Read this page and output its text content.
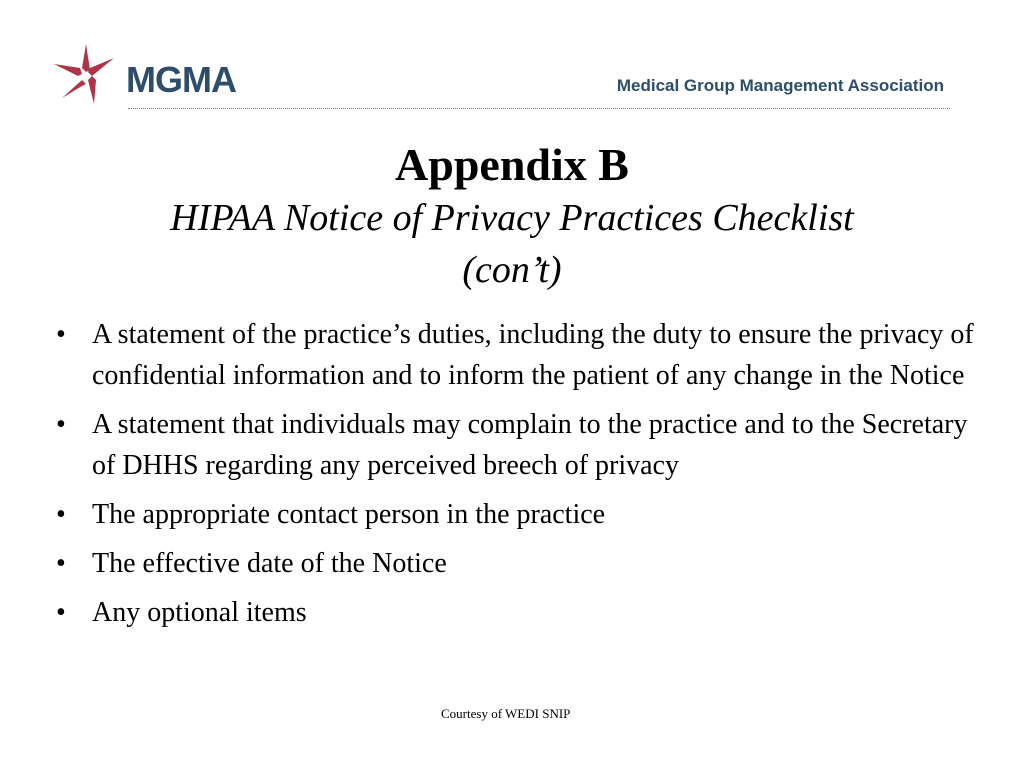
MGMA	Medical Group Management Association

Appendix B

HIPAA Notice of Privacy Practices Checklist

(con’t)

• A statement of the practice’s duties, including the duty to ensure the privacy of confidential information and to inform the patient of any change in the Notice
• A statement that individuals may complain to the practice and to the Secretary of DHHS regarding any perceived breech of privacy
• The appropriate contact person in the practice
• The effective date of the Notice
• Any optional items
Courtesy of WEDI SNIP
